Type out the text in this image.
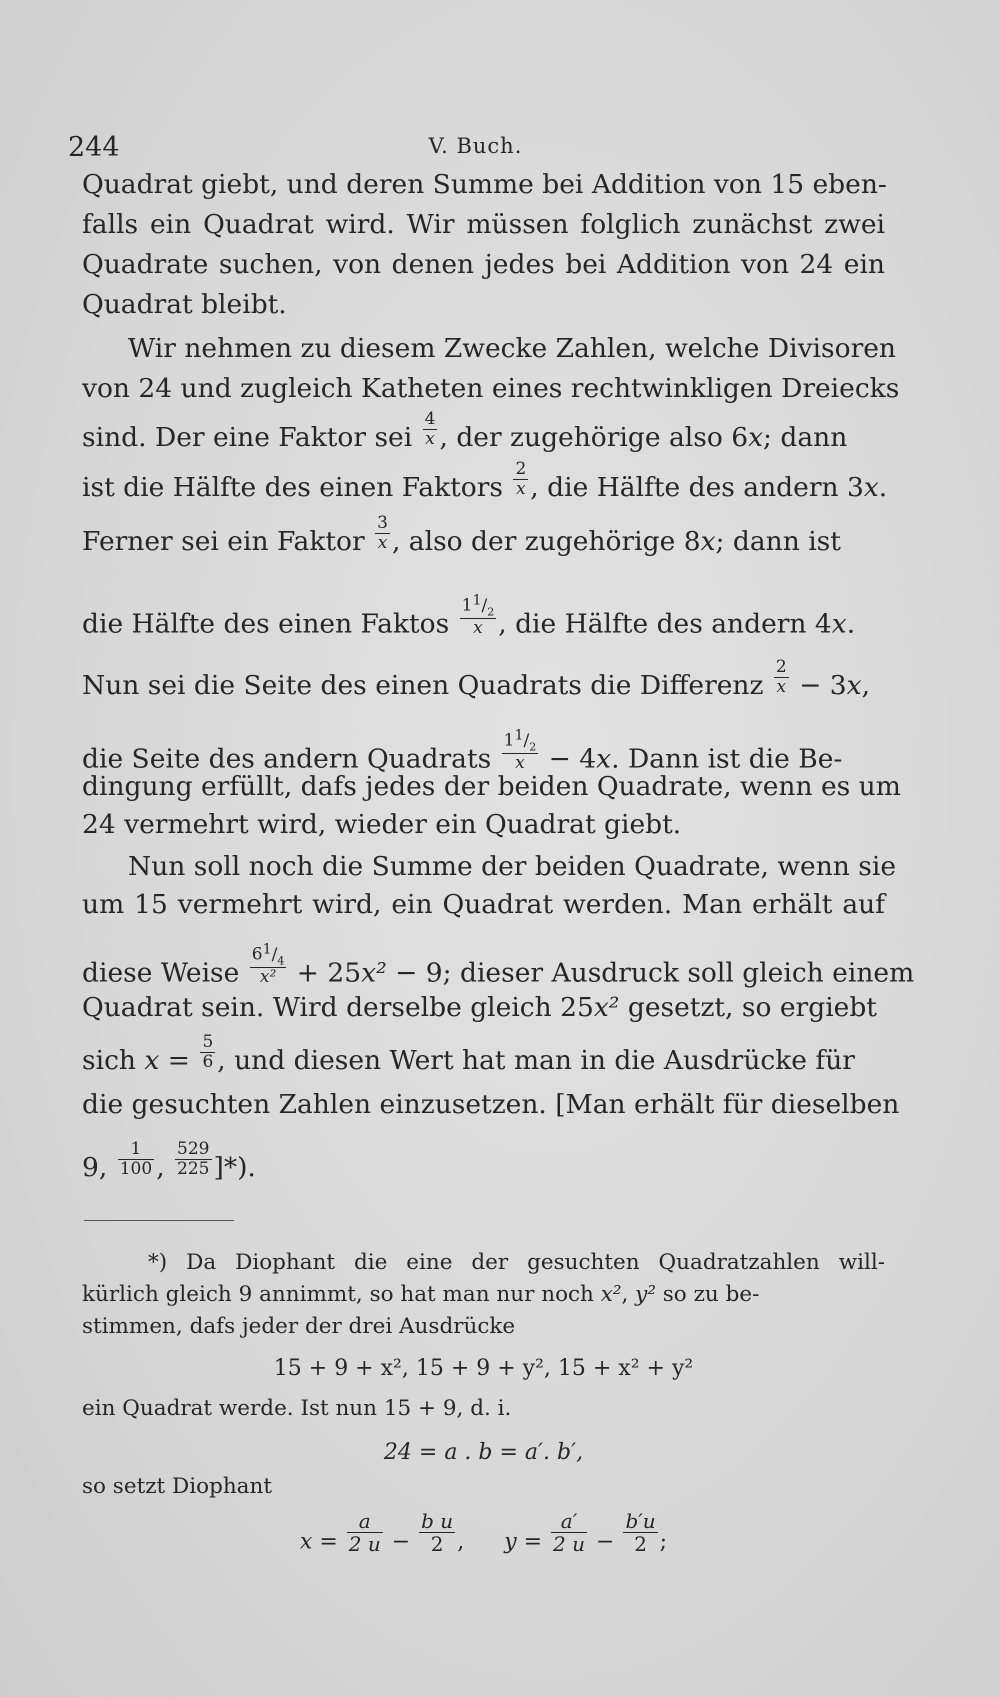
244	V. Buch.
Quadrat giebt, und deren Summe bei Addition von 15 eben-
falls ein Quadrat wird. Wir müssen folglich zunächst zwei
Quadrate suchen, von denen jedes bei Addition von 24 ein
Quadrat bleibt.
Wir nehmen zu diesem Zwecke Zahlen, welche Divisoren
von 24 und zugleich Katheten eines rechtwinkligen Dreiecks
sind. Der eine Faktor sei $\frac{4}{x}$ , der zugehörige also 6x; dann
ist die Hälfte des einen Faktors $\frac{2}{x}$ , die Hälfte des andern 3x.
Ferner sei ein Faktor $\frac{3}{x}$ , also der zugehörige 8x; dann ist
die Hälfte des einen Faktos $\frac{1^1/_2}{x}$ , die Hälfte des andern 4x.
Nun sei die Seite des einen Quadrats die Differenz $\frac{2}{x} - 3x$,
die Seite des andern Quadrats $\frac{1^1/_2}{x} - 4x$. Dann ist die Be-
dingung erfüllt, dafs jedes der beiden Quadrate, wenn es um
24 vermehrt wird, wieder ein Quadrat giebt.
Nun soll noch die Summe der beiden Quadrate, wenn sie
um 15 vermehrt wird, ein Quadrat werden. Man erhält auf
diese Weise $\frac{6^1/_4}{\text{x²}} + 25x^2 - 9$; dieser Ausdruck soll gleich einem
Quadrat sein. Wird derselbe gleich 25x² gesetzt, so ergiebt
sich $x = \frac{5}{6}$ , und diesen Wert hat man in die Ausdrücke für
die gesuchten Zahlen einzusetzen. [Man erhält für dieselben
9, $\frac{1}{100}$ , $\frac{529}{225}$ ]*).
*) Da Diophant die eine der gesuchten Quadratzahlen will-
kürlich gleich 9 annimmt, so hat man nur noch x², y² so zu be-
stimmen, dafs jeder der drei Ausdrücke
15 + 9 + x², 15 + 9 + y², 15 + x² + y²
ein Quadrat werde. Ist nun 15 + 9, d. i.
24 = a . b = a′. b′,
so setzt Diophant
$x = \frac{a}{2 u} - \frac{\text{b u}}{2}$ ,  $y = \frac{a'}{2 u} - \frac{b'u}{2}$ ;
